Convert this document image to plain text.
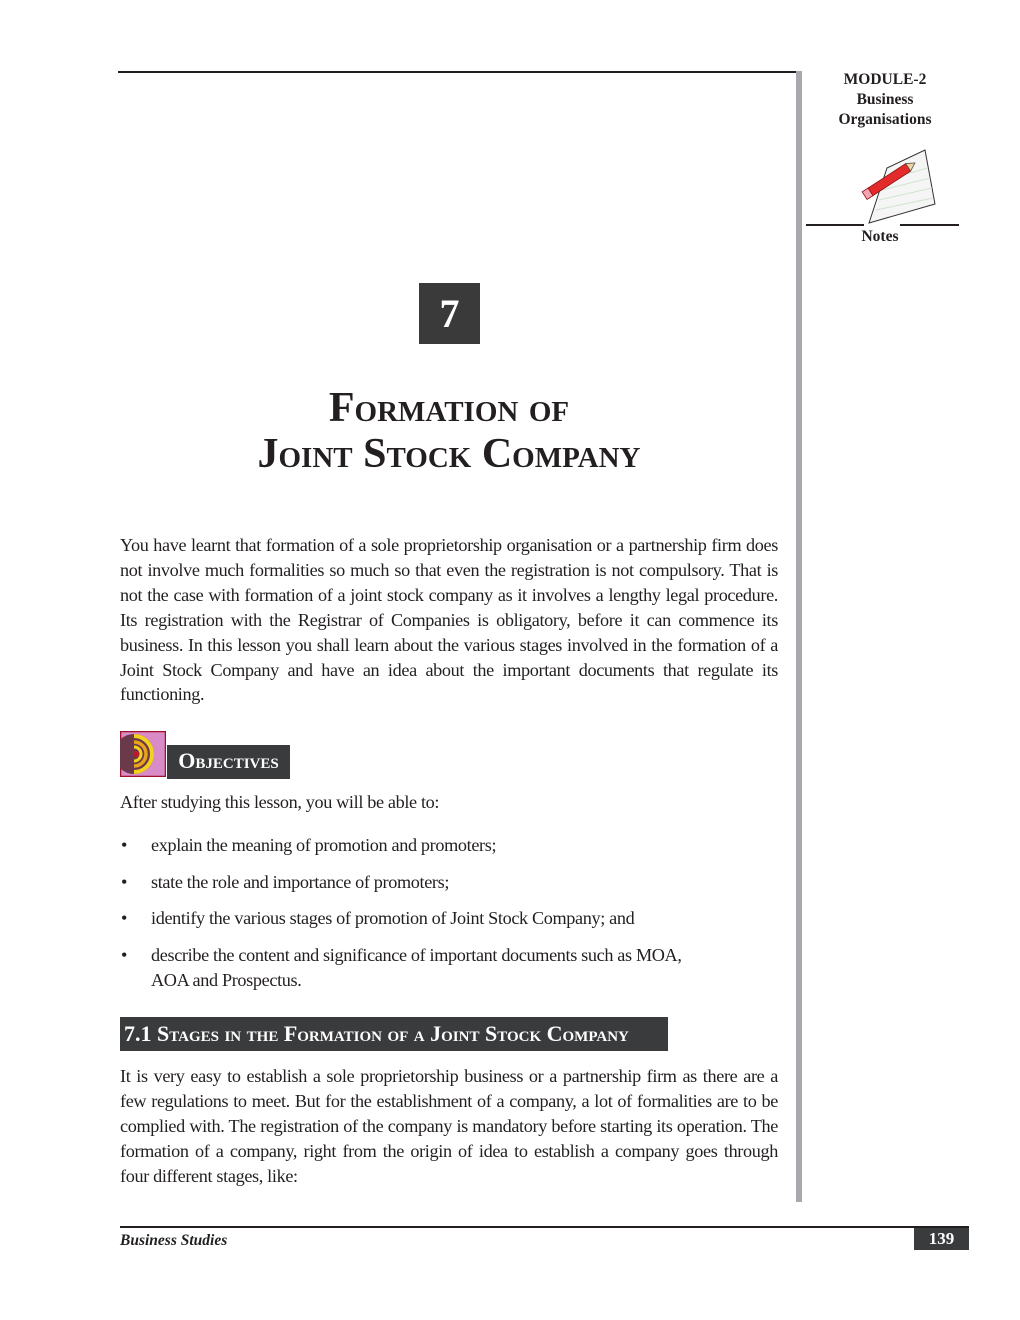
MODULE-2
Business
Organisations
Notes
7
Formation of
Joint Stock Company
You have learnt that formation of a sole proprietorship organisation or a partnership firm does not involve much formalities so much so that even the registration is not compulsory. That is not the case with formation of a joint stock company as it involves a lengthy legal procedure. Its registration with the Registrar of Companies is obligatory, before it can commence its business. In this lesson you shall learn about the various stages involved in the formation of a Joint Stock Company and have an idea about the important documents that regulate its functioning.
Objectives
After studying this lesson, you will be able to:
• explain the meaning of promotion and promoters;
• state the role and importance of promoters;
• identify the various stages of promotion of Joint Stock Company; and
• describe the content and significance of important documents such as MOA, AOA and Prospectus.
7.1 Stages in the Formation of a Joint Stock Company
It is very easy to establish a sole proprietorship business or a partnership firm as there are a few regulations to meet. But for the establishment of a company, a lot of formalities are to be complied with. The registration of the company is mandatory before starting its operation. The formation of a company, right from the origin of idea to establish a company goes through four different stages, like:
Business Studies	139
